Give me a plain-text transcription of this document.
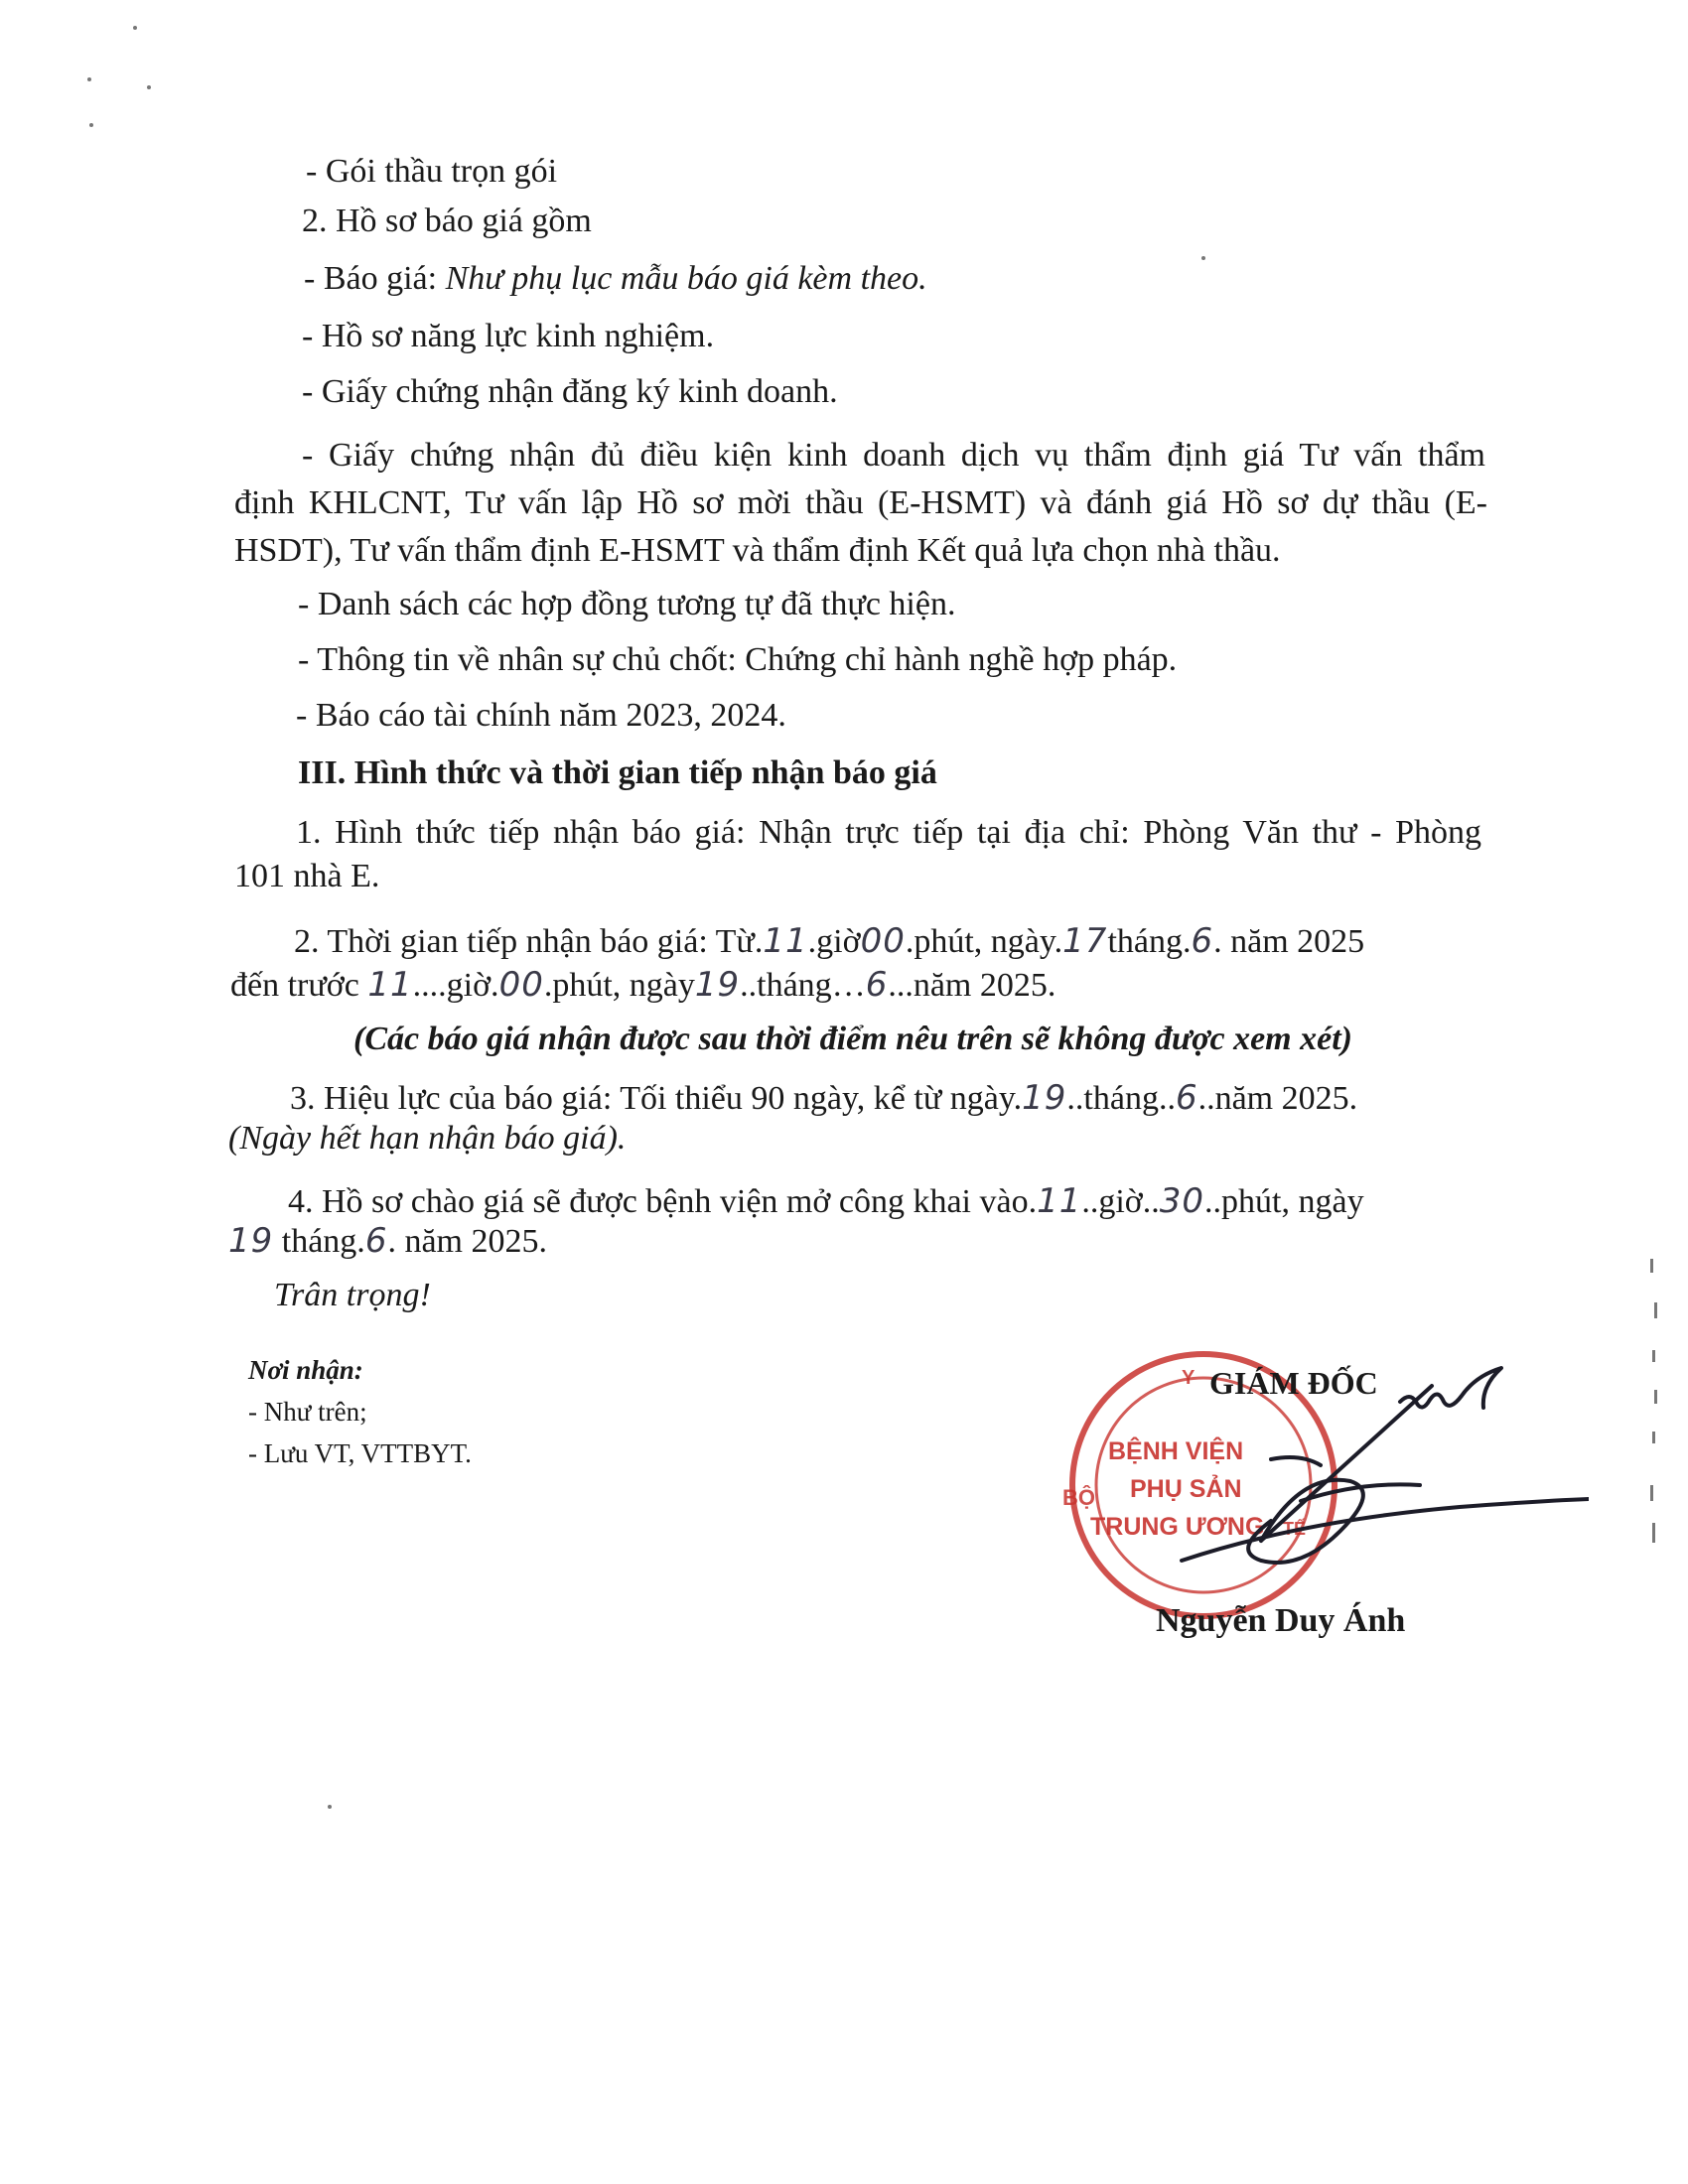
- Gói thầu trọn gói
2. Hồ sơ báo giá gồm
- Báo giá: Như phụ lục mẫu báo giá kèm theo.
- Hồ sơ năng lực kinh nghiệm.
- Giấy chứng nhận đăng ký kinh doanh.
- Giấy chứng nhận đủ điều kiện kinh doanh dịch vụ thẩm định giá Tư vấn thẩm
định KHLCNT, Tư vấn lập Hồ sơ mời thầu (E-HSMT) và đánh giá Hồ sơ dự thầu (E-
HSDT), Tư vấn thẩm định E-HSMT và thẩm định Kết quả lựa chọn nhà thầu.
- Danh sách các hợp đồng tương tự đã thực hiện.
- Thông tin về nhân sự chủ chốt: Chứng chỉ hành nghề hợp pháp.
- Báo cáo tài chính năm 2023, 2024.
III. Hình thức và thời gian tiếp nhận báo giá
1. Hình thức tiếp nhận báo giá: Nhận trực tiếp tại địa chỉ: Phòng Văn thư - Phòng
101 nhà E.
2. Thời gian tiếp nhận báo giá: Từ.11.giờ00.phút, ngày.17tháng.6. năm 2025
đến trước 11....giờ.00.phút, ngày19..tháng…6...năm 2025.
(Các báo giá nhận được sau thời điểm nêu trên sẽ không được xem xét)
3. Hiệu lực của báo giá: Tối thiểu 90 ngày, kể từ ngày.19..tháng..6..năm 2025.
(Ngày hết hạn nhận báo giá).
4. Hồ sơ chào giá sẽ được bệnh viện mở công khai vào.11..giờ..30..phút, ngày
19 tháng.6. năm 2025.
Trân trọng!
Nơi nhận:
- Như trên;
- Lưu VT, VTTBYT.
BỘ
Y
TẾ
BỆNH VIỆN
PHỤ SẢN
TRUNG ƯƠNG
GIÁM ĐỐC
Nguyễn Duy Ánh
